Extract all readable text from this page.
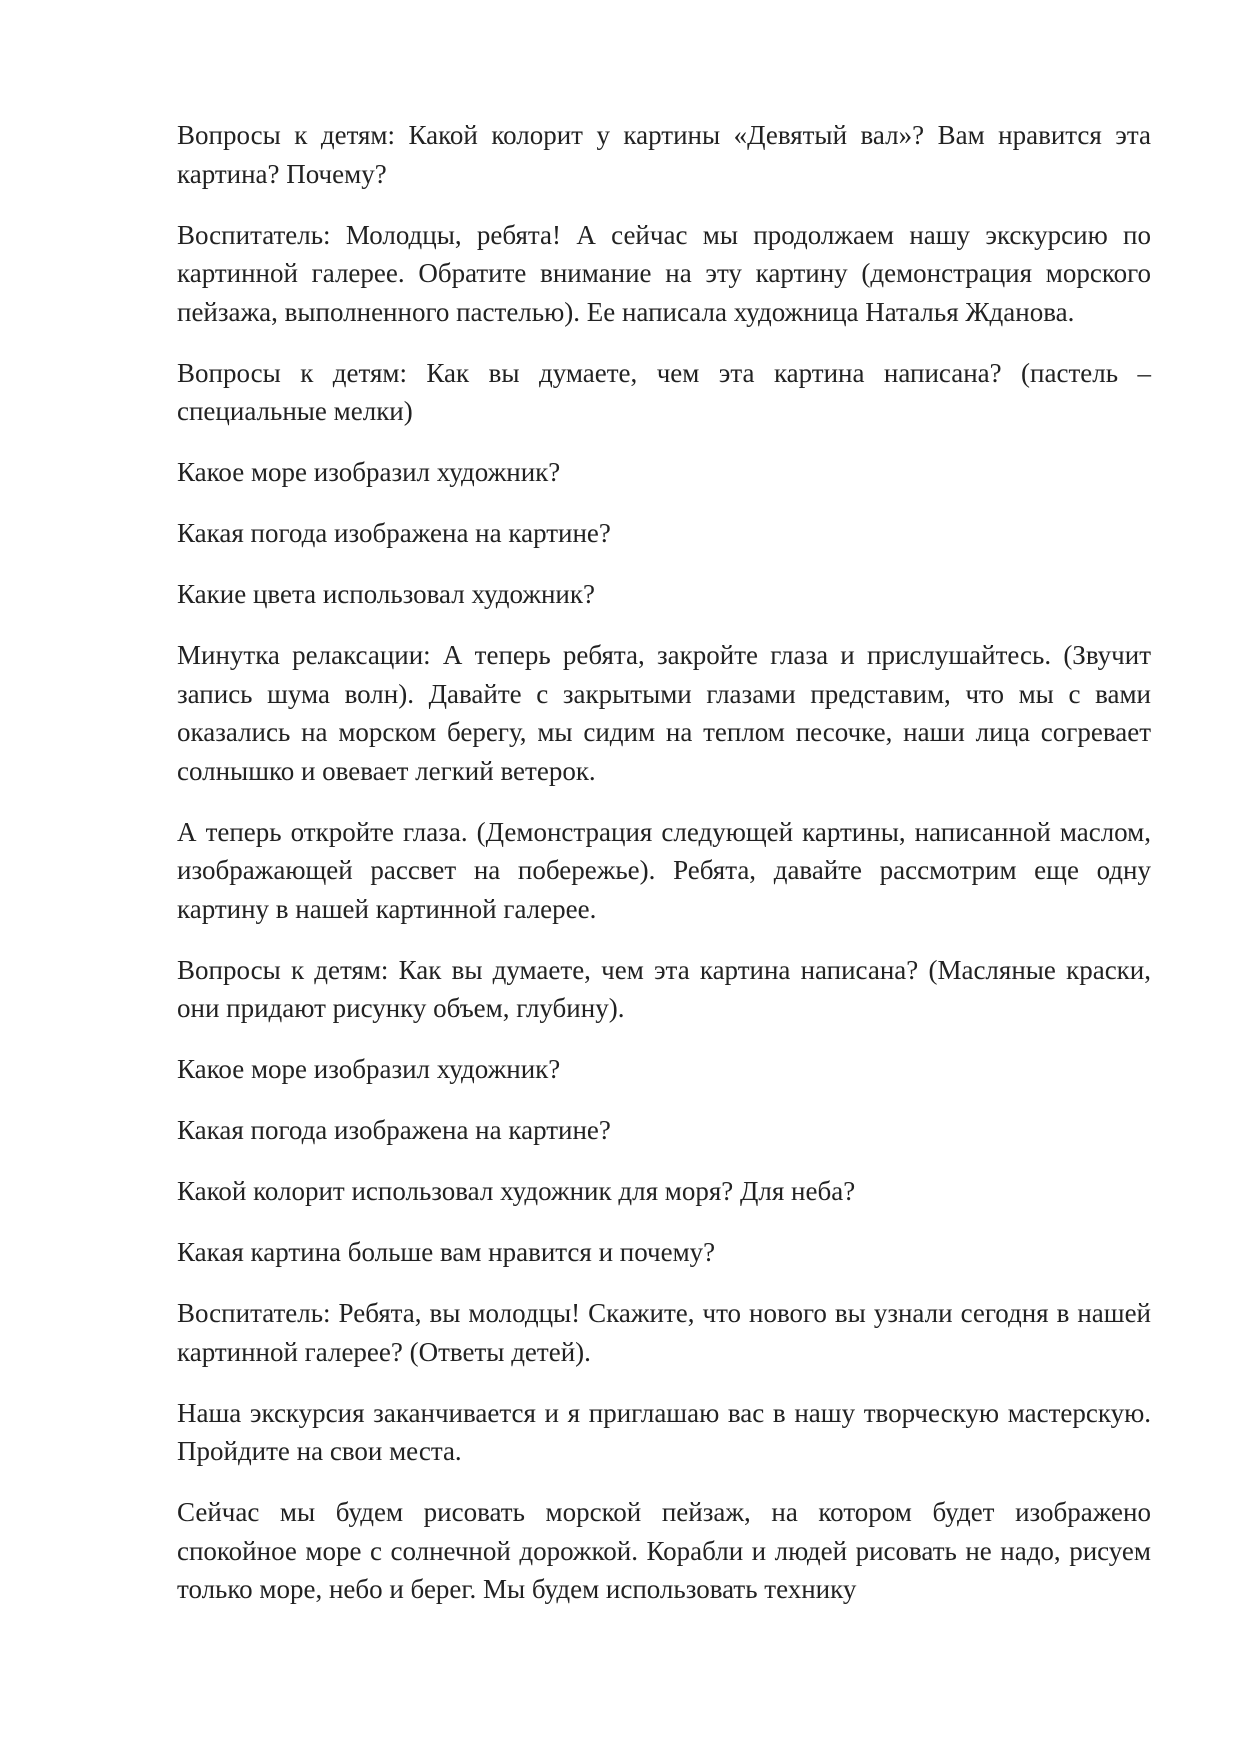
Вопросы к детям: Какой колорит у картины «Девятый вал»? Вам нравится эта картина? Почему?

Воспитатель: Молодцы, ребята! А сейчас мы продолжаем нашу экскурсию по картинной галерее. Обратите внимание на эту картину (демонстрация морского пейзажа, выполненного пастелью). Ее написала художница Наталья Жданова.

Вопросы к детям: Как вы думаете, чем эта картина написана? (пастель – специальные мелки)

Какое море изобразил художник?

Какая погода изображена на картине?

Какие цвета использовал художник?

Минутка релаксации: А теперь ребята, закройте глаза и прислушайтесь. (Звучит запись шума волн). Давайте с закрытыми глазами представим, что мы с вами оказались на морском берегу, мы сидим на теплом песочке, наши лица согревает солнышко и овевает легкий ветерок.

А теперь откройте глаза. (Демонстрация следующей картины, написанной маслом, изображающей рассвет на побережье). Ребята, давайте рассмотрим еще одну картину в нашей картинной галерее.

Вопросы к детям: Как вы думаете, чем эта картина написана? (Масляные краски, они придают рисунку объем, глубину).

Какое море изобразил художник?

Какая погода изображена на картине?

Какой колорит использовал художник для моря? Для неба?

Какая картина больше вам нравится и почему?

Воспитатель: Ребята, вы молодцы! Скажите, что нового вы узнали сегодня в нашей картинной галерее? (Ответы детей).

Наша экскурсия заканчивается и я приглашаю вас в нашу творческую мастерскую. Пройдите на свои места.

Сейчас мы будем рисовать морской пейзаж, на котором будет изображено спокойное море с солнечной дорожкой. Корабли и людей рисовать не надо, рисуем только море, небо и берег. Мы будем использовать технику
